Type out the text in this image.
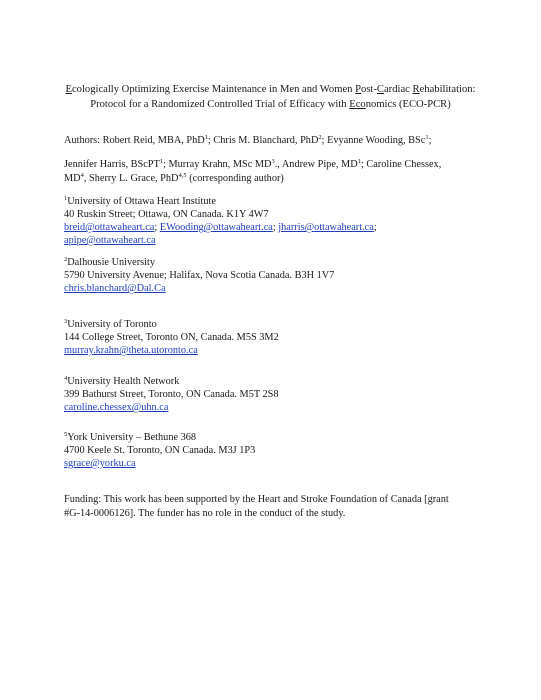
Ecologically Optimizing Exercise Maintenance in Men and Women Post-Cardiac Rehabilitation:
Protocol for a Randomized Controlled Trial of Efficacy with Economics (ECO-PCR)

Authors: Robert Reid, MBA, PhD$^1$; Chris M. Blanchard, PhD$^2$; Evyanne Wooding, BSc$^1$;

Jennifer Harris, BScPT$^1$; Murray Krahn, MSc $MD^3$., Andrew Pipe, $MD^1$; Caroline Chessex,

$MD^4$, Sherry L. Grace, PhD$^{4,5}$ (corresponding author)

$^1$University of Ottawa Heart Institute
40 Ruskin Street; Ottawa, ON Canada. K1Y 4W7
breid@ottawaheart.ca; EWooding@ottawaheart.ca; jharris@ottawaheart.ca;
apipe@ottawaheart.ca
$^2$Dalhousie University
5790 University Avenue; Halifax, Nova Scotia Canada. B3H 1V7
chris.blanchard@Dal.Ca
$^3$University of Toronto
144 College Street, Toronto ON, Canada. M5S 3M2
murray.krahn@theta.utoronto.ca
$^4$University Health Network
399 Bathurst Street, Toronto, ON Canada. M5T 2S8
caroline.chessex@uhn.ca
$^5$York University – Bethune 368
4700 Keele St. Toronto, ON Canada. M3J 1P3
sgrace@yorku.ca
Funding: This work has been supported by the Heart and Stroke Foundation of Canada [grant
#G-14-0006126]. The funder has no role in the conduct of the study.
